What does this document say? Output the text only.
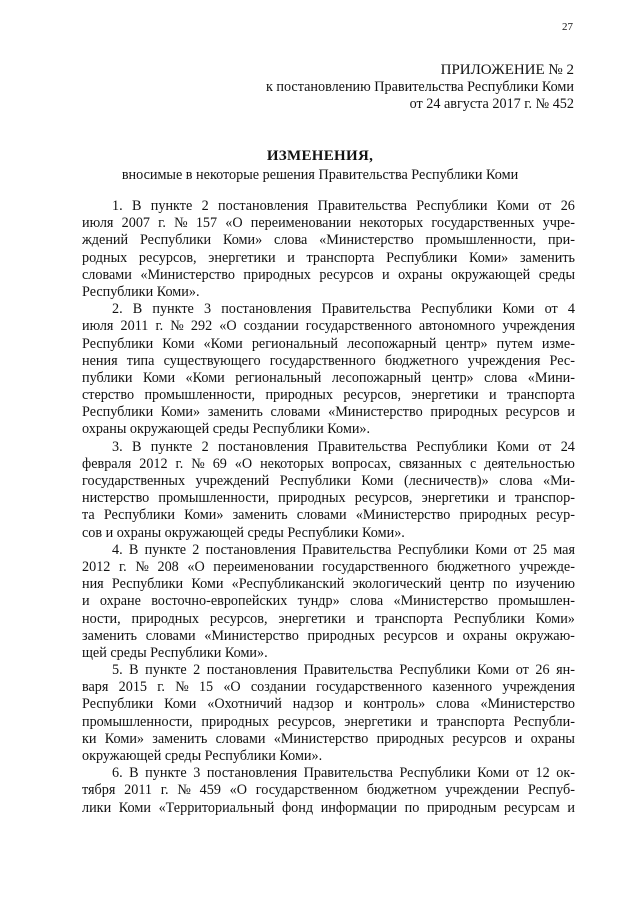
27
ПРИЛОЖЕНИЕ № 2
к постановлению Правительства Республики Коми
от 24 августа 2017 г. № 452
ИЗМЕНЕНИЯ,
вносимые в некоторые решения Правительства Республики Коми
1. В пункте 2 постановления Правительства Республики Коми от 26
июля 2007 г. № 157 «О переименовании некоторых государственных учре-
ждений Республики Коми» слова «Министерство промышленности, при-
родных ресурсов, энергетики и транспорта Республики Коми» заменить
словами «Министерство природных ресурсов и охраны окружающей среды
Республики Коми».
2. В пункте 3 постановления Правительства Республики Коми от 4
июля 2011 г. № 292 «О создании государственного автономного учреждения
Республики Коми «Коми региональный лесопожарный центр» путем изме-
нения типа существующего государственного бюджетного учреждения Рес-
публики Коми «Коми региональный лесопожарный центр» слова «Мини-
стерство промышленности, природных ресурсов, энергетики и транспорта
Республики Коми» заменить словами «Министерство природных ресурсов и
охраны окружающей среды Республики Коми».
3. В пункте 2 постановления Правительства Республики Коми от 24
февраля 2012 г. № 69 «О некоторых вопросах, связанных с деятельностью
государственных учреждений Республики Коми (лесничеств)» слова «Ми-
нистерство промышленности, природных ресурсов, энергетики и транспор-
та Республики Коми» заменить словами «Министерство природных ресур-
сов и охраны окружающей среды Республики Коми».
4. В пункте 2 постановления Правительства Республики Коми от 25 мая
2012 г. № 208 «О переименовании государственного бюджетного учрежде-
ния Республики Коми «Республиканский экологический центр по изучению
и охране восточно-европейских тундр» слова «Министерство промышлен-
ности, природных ресурсов, энергетики и транспорта Республики Коми»
заменить словами «Министерство природных ресурсов и охраны окружаю-
щей среды Республики Коми».
5. В пункте 2 постановления Правительства Республики Коми от 26 ян-
варя 2015 г. № 15 «О создании государственного казенного учреждения
Республики Коми «Охотничий надзор и контроль» слова «Министерство
промышленности, природных ресурсов, энергетики и транспорта Республи-
ки Коми» заменить словами «Министерство природных ресурсов и охраны
окружающей среды Республики Коми».
6. В пункте 3 постановления Правительства Республики Коми от 12 ок-
тября 2011 г. № 459 «О государственном бюджетном учреждении Респуб-
лики Коми «Территориальный фонд информации по природным ресурсам и
